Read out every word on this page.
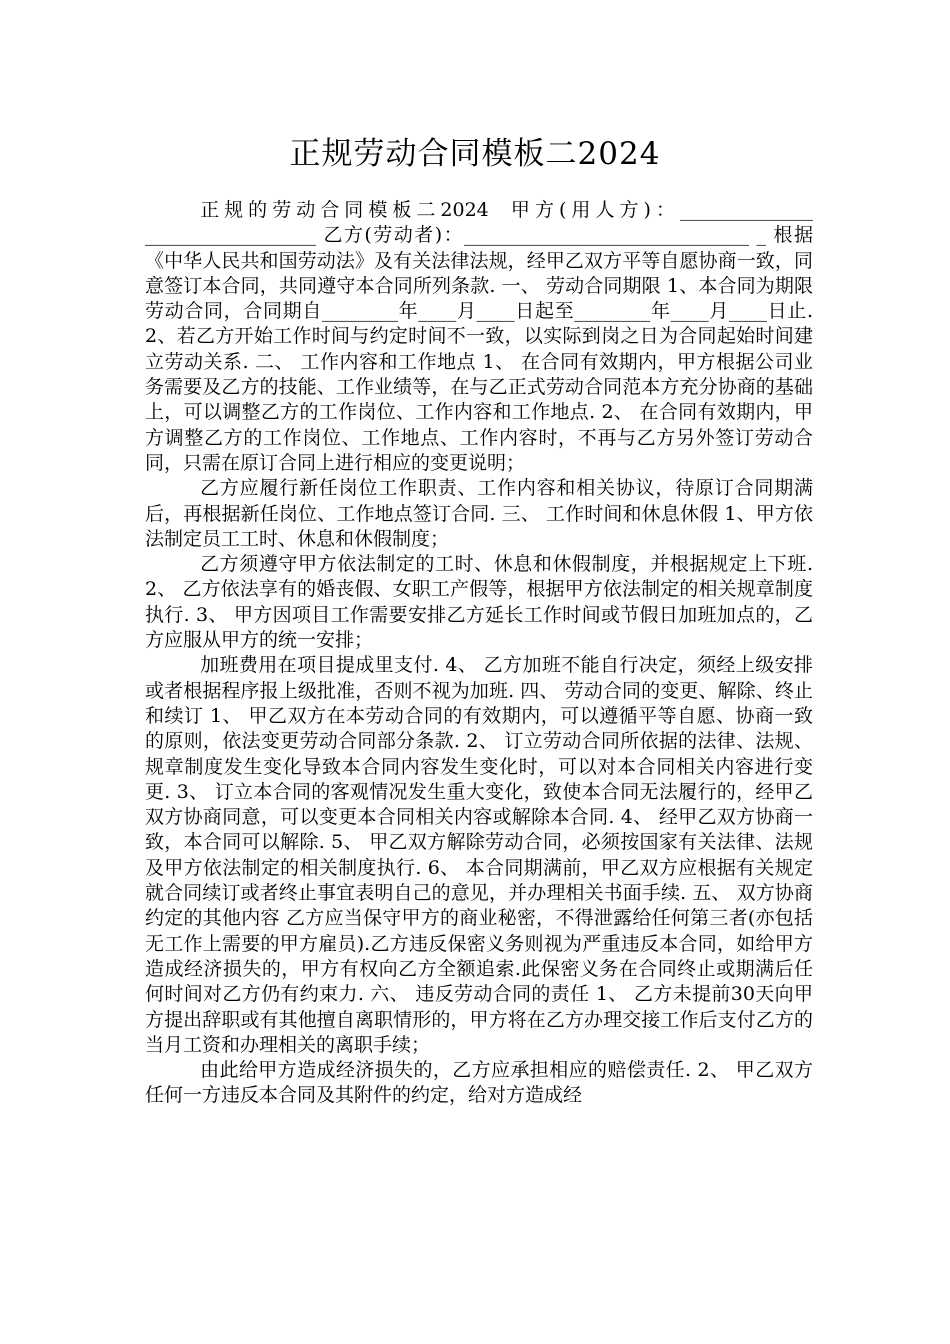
正规劳动合同模板二2024

正规的劳动合同模板二2024  甲方(用人方)：______________ __________________ 乙方(劳动者)：______________________________ _ 根据《中华人民共和国劳动法》及有关法律法规，经甲乙双方平等自愿协商一致，同意签订本合同，共同遵守本合同所列条款. 一、 劳动合同期限 1、本合同为期限劳动合同，合同期自________年____月____日起至________年____月____日止. 2、若乙方开始工作时间与约定时间不一致，以实际到岗之日为合同起始时间建立劳动关系. 二、 工作内容和工作地点 1、 在合同有效期内，甲方根据公司业务需要及乙方的技能、工作业绩等，在与乙正式劳动合同范本方充分协商的基础上，可以调整乙方的工作岗位、工作内容和工作地点. 2、 在合同有效期内，甲方调整乙方的工作岗位、工作地点、工作内容时，不再与乙方另外签订劳动合同，只需在原订合同上进行相应的变更说明；

乙方应履行新任岗位工作职责、工作内容和相关协议，待原订合同期满后，再根据新任岗位、工作地点签订合同. 三、 工作时间和休息休假 1、甲方依法制定员工工时、休息和休假制度；

乙方须遵守甲方依法制定的工时、休息和休假制度，并根据规定上下班. 2、 乙方依法享有的婚丧假、女职工产假等，根据甲方依法制定的相关规章制度执行. 3、 甲方因项目工作需要安排乙方延长工作时间或节假日加班加点的，乙方应服从甲方的统一安排；

加班费用在项目提成里支付. 4、 乙方加班不能自行决定，须经上级安排或者根据程序报上级批准，否则不视为加班. 四、 劳动合同的变更、解除、终止和续订 1、 甲乙双方在本劳动合同的有效期内，可以遵循平等自愿、协商一致的原则，依法变更劳动合同部分条款. 2、 订立劳动合同所依据的法律、法规、规章制度发生变化导致本合同内容发生变化时，可以对本合同相关内容进行变更. 3、 订立本合同的客观情况发生重大变化，致使本合同无法履行的，经甲乙双方协商同意，可以变更本合同相关内容或解除本合同. 4、 经甲乙双方协商一致，本合同可以解除. 5、 甲乙双方解除劳动合同，必须按国家有关法律、法规及甲方依法制定的相关制度执行. 6、 本合同期满前，甲乙双方应根据有关规定就合同续订或者终止事宜表明自己的意见，并办理相关书面手续. 五、 双方协商约定的其他内容 乙方应当保守甲方的商业秘密，不得泄露给任何第三者(亦包括无工作上需要的甲方雇员).乙方违反保密义务则视为严重违反本合同，如给甲方造成经济损失的，甲方有权向乙方全额追索.此保密义务在合同终止或期满后任何时间对乙方仍有约束力. 六、 违反劳动合同的责任 1、 乙方未提前30天向甲方提出辞职或有其他擅自离职情形的，甲方将在乙方办理交接工作后支付乙方的当月工资和办理相关的离职手续；

由此给甲方造成经济损失的，乙方应承担相应的赔偿责任. 2、 甲乙双方任何一方违反本合同及其附件的约定，给对方造成经
